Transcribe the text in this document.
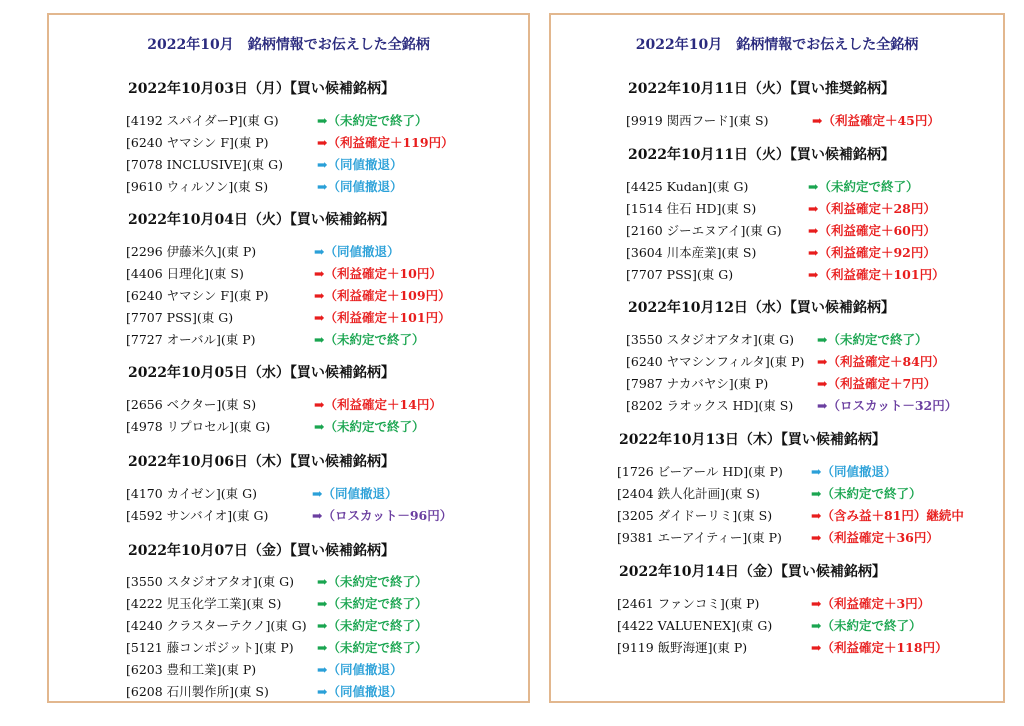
2022年10月　銘柄情報でお伝えした全銘柄
2022年10月03日（月）【買い候補銘柄】
[4192 スパイダーP](東 G)	➡（未約定で終了）
[6240 ヤマシン F](東 P)	➡（利益確定＋119円）
[7078 INCLUSIVE](東 G)	➡（同値撤退）
[9610 ウィルソン](東 S)	➡（同値撤退）
2022年10月04日（火）【買い候補銘柄】
[2296 伊藤米久](東 P)	➡（同値撤退）
[4406 日理化](東 S)	➡（利益確定＋10円）
[6240 ヤマシン F](東 P)	➡（利益確定＋109円）
[7707 PSS](東 G)	➡（利益確定＋101円）
[7727 オーバル](東 P)	➡（未約定で終了）
2022年10月05日（水）【買い候補銘柄】
[2656 ベクター](東 S)	➡（利益確定＋14円）
[4978 リプロセル](東 G)	➡（未約定で終了）
2022年10月06日（木）【買い候補銘柄】
[4170 カイゼン](東 G)	➡（同値撤退）
[4592 サンバイオ](東 G)	➡（ロスカット－96円）
2022年10月07日（金）【買い候補銘柄】
[3550 スタジオアタオ](東 G) ➡（未約定で終了）
[4222 児玉化学工業](東 S)	➡（未約定で終了）
[4240 クラスターテクノ](東 G) ➡（未約定で終了）
[5121 藤コンポジット](東 P) ➡（未約定で終了）
[6203 豊和工業](東 P)	➡（同値撤退）
[6208 石川製作所](東 S)	➡（同値撤退）
2022年10月　銘柄情報でお伝えした全銘柄
2022年10月11日（火）【買い推奨銘柄】
[9919 関西フード](東 S)	➡（利益確定＋45円）
2022年10月11日（火）【買い候補銘柄】
[4425 Kudan](東 G)	➡（未約定で終了）
[1514 住石 HD](東 S)	➡（利益確定＋28円）
[2160 ジーエヌアイ](東 G) ➡（利益確定＋60円）
[3604 川本産業](東 S)	➡（利益確定＋92円）
[7707 PSS](東 G)	➡（利益確定＋101円）
2022年10月12日（水）【買い候補銘柄】
[3550 スタジオアタオ](東 G) ➡（未約定で終了）
[6240 ヤマシンフィルタ](東 P) ➡（利益確定＋84円）
[7987 ナカバヤシ](東 P)	➡（利益確定＋7円）
[8202 ラオックス HD](東 S) ➡（ロスカット－32円）
2022年10月13日（木）【買い候補銘柄】
[1726 ビーアール HD](東 P) ➡（同値撤退）
[2404 鉄人化計画](東 S)	➡（未約定で終了）
[3205 ダイドーリミ](東 S)	➡（含み益＋81円）継続中
[9381 エーアイティー](東 P) ➡（利益確定＋36円）
2022年10月14日（金）【買い候補銘柄】
[2461 ファンコミ](東 P)	➡（利益確定＋3円）
[4422 VALUENEX](東 G)	➡（未約定で終了）
[9119 飯野海運](東 P)	➡（利益確定＋118円）
